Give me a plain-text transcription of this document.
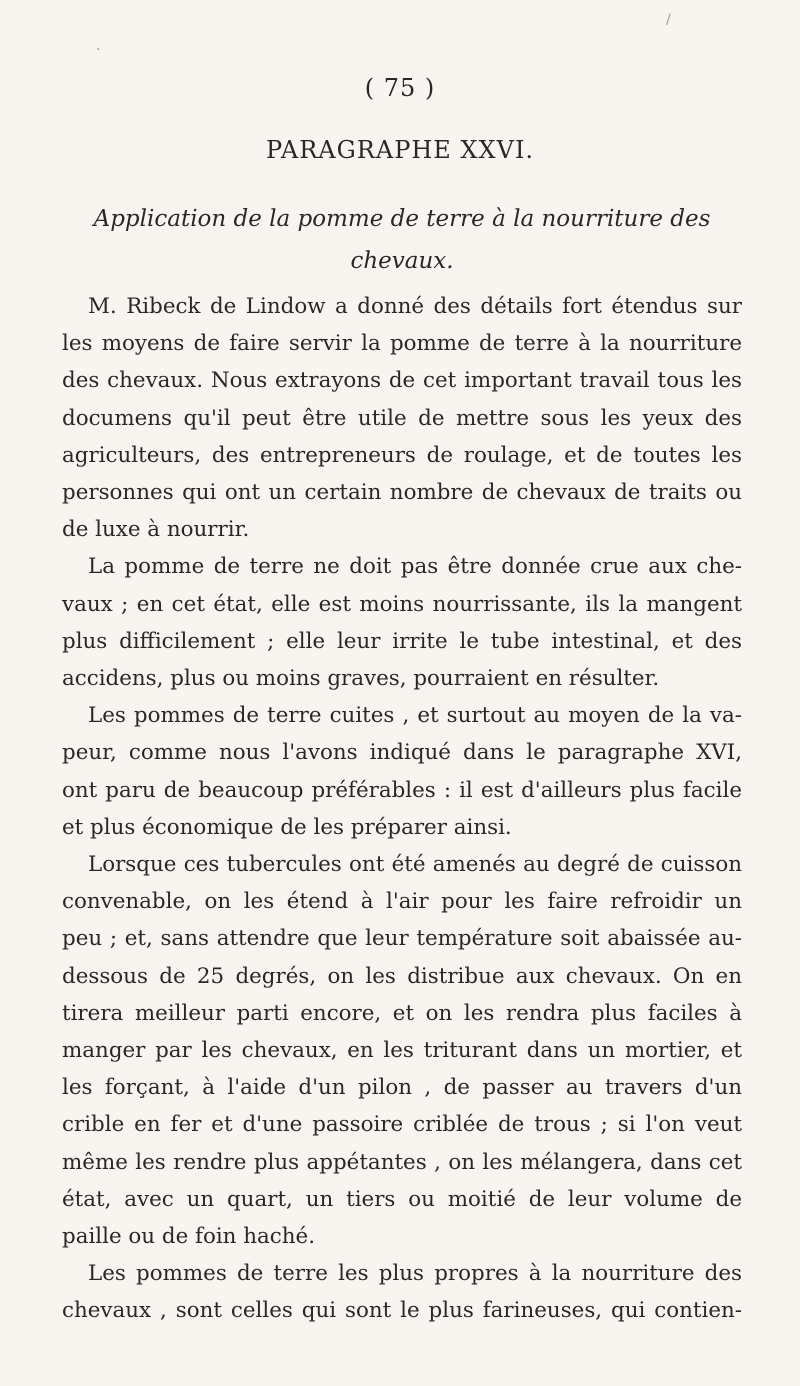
( 75 )
PARAGRAPHE XXVI.
Application de la pomme de terre à la nourriture des
chevaux.
M. Ribeck de Lindow a donné des détails fort étendus sur
les moyens de faire servir la pomme de terre à la nourriture
des chevaux. Nous extrayons de cet important travail tous les
documens qu'il peut être utile de mettre sous les yeux des
agriculteurs, des entrepreneurs de roulage, et de toutes les
personnes qui ont un certain nombre de chevaux de traits ou
de luxe à nourrir.
La pomme de terre ne doit pas être donnée crue aux che-
vaux ; en cet état, elle est moins nourrissante, ils la mangent
plus difficilement ; elle leur irrite le tube intestinal, et des
accidens, plus ou moins graves, pourraient en résulter.
Les pommes de terre cuites , et surtout au moyen de la va-
peur, comme nous l'avons indiqué dans le paragraphe XVI,
ont paru de beaucoup préférables : il est d'ailleurs plus facile
et plus économique de les préparer ainsi.
Lorsque ces tubercules ont été amenés au degré de cuisson
convenable, on les étend à l'air pour les faire refroidir un
peu ; et, sans attendre que leur température soit abaissée au-
dessous de 25 degrés, on les distribue aux chevaux. On en
tirera meilleur parti encore, et on les rendra plus faciles à
manger par les chevaux, en les triturant dans un mortier, et
les forçant, à l'aide d'un pilon , de passer au travers d'un
crible en fer et d'une passoire criblée de trous ; si l'on veut
même les rendre plus appétantes , on les mélangera, dans cet
état, avec un quart, un tiers ou moitié de leur volume de
paille ou de foin haché.
Les pommes de terre les plus propres à la nourriture des
chevaux , sont celles qui sont le plus farineuses, qui contien-
/
·
